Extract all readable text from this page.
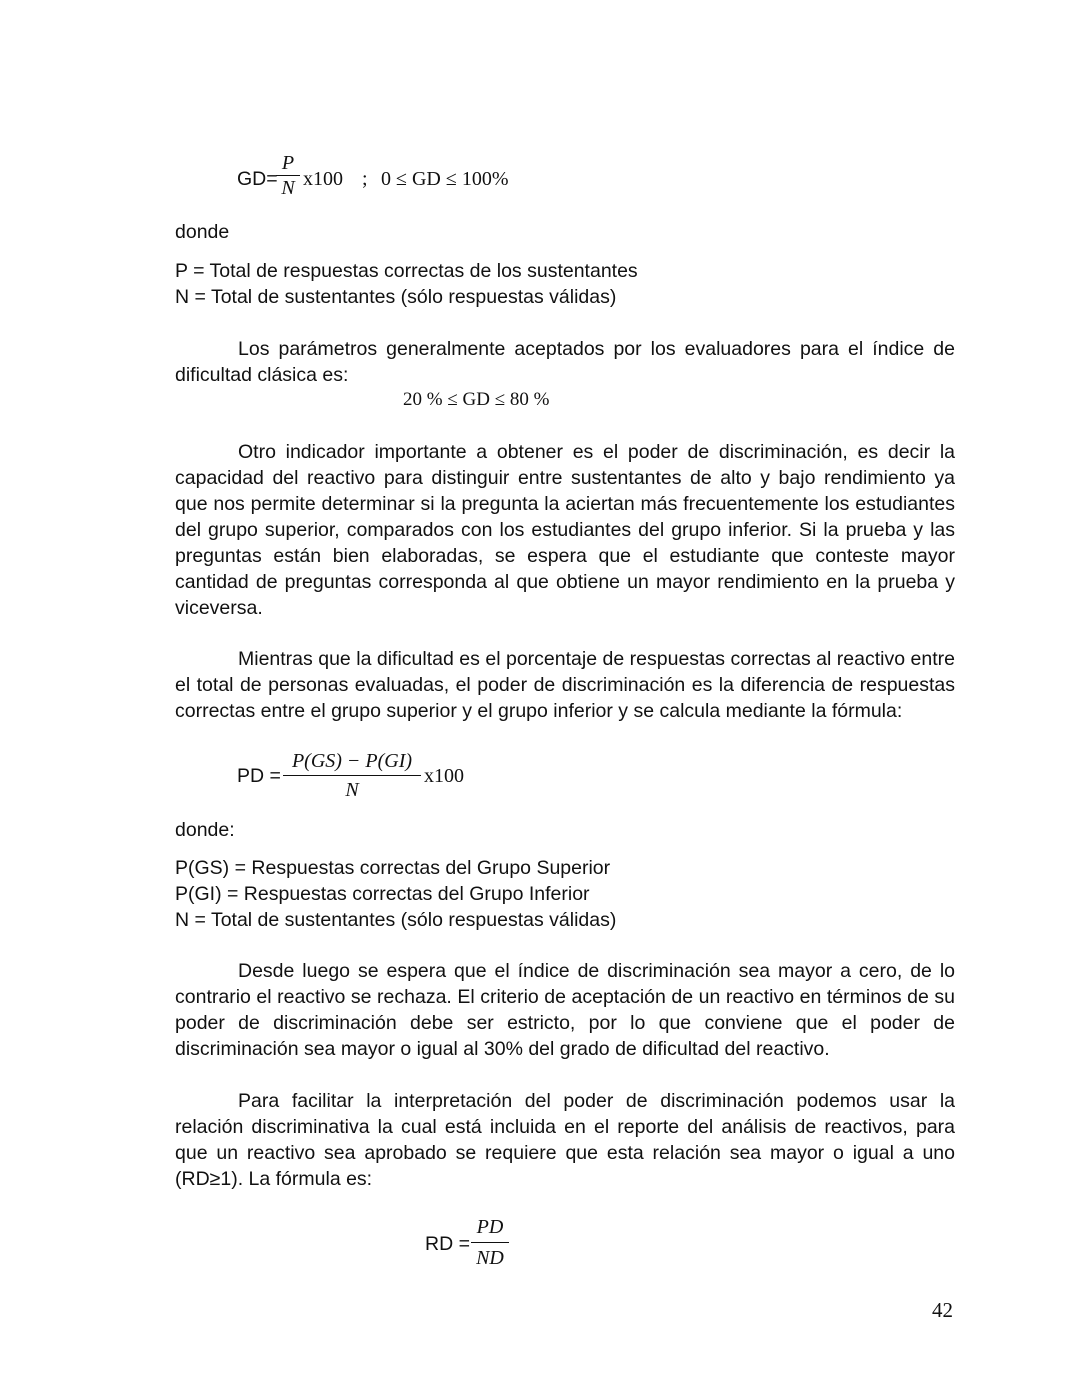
GD=
P
N x100 ; 0 ≤ GD ≤ 100%
donde
P = Total de respuestas correctas de los sustentantes
N = Total de sustentantes (sólo respuestas válidas)
Los parámetros generalmente aceptados por los evaluadores para el índice de dificultad clásica es:
20 % ≤ GD ≤ 80 %
Otro indicador importante a obtener es el poder de discriminación, es decir la capacidad del reactivo para distinguir entre sustentantes de alto y bajo rendimiento ya que nos permite determinar si la pregunta la aciertan más frecuentemente los estudiantes del grupo superior, comparados con los estudiantes del grupo inferior. Si la prueba y las preguntas están bien elaboradas, se espera que el estudiante que conteste mayor cantidad de preguntas corresponda al que obtiene un mayor rendimiento en la prueba y viceversa.
Mientras que la dificultad es el porcentaje de respuestas correctas al reactivo entre el total de personas evaluadas, el poder de discriminación es la diferencia de respuestas correctas entre el grupo superior y el grupo inferior y se calcula mediante la fórmula:
PD =
P(GS) − P(GI)
N
x100
donde:
P(GS) = Respuestas correctas del Grupo Superior
P(GI) = Respuestas correctas del Grupo Inferior
N = Total de sustentantes (sólo respuestas válidas)
Desde luego se espera que el índice de discriminación sea mayor a cero, de lo contrario el reactivo se rechaza. El criterio de aceptación de un reactivo en términos de su poder de discriminación debe ser estricto, por lo que conviene que el poder de discriminación sea mayor o igual al 30% del grado de dificultad del reactivo.
Para facilitar la interpretación del poder de discriminación podemos usar la relación discriminativa la cual está incluida en el reporte del análisis de reactivos, para que un reactivo sea aprobado se requiere que esta relación sea mayor o igual a uno (RD≥1). La fórmula es:
RD =
PD
ND
42
